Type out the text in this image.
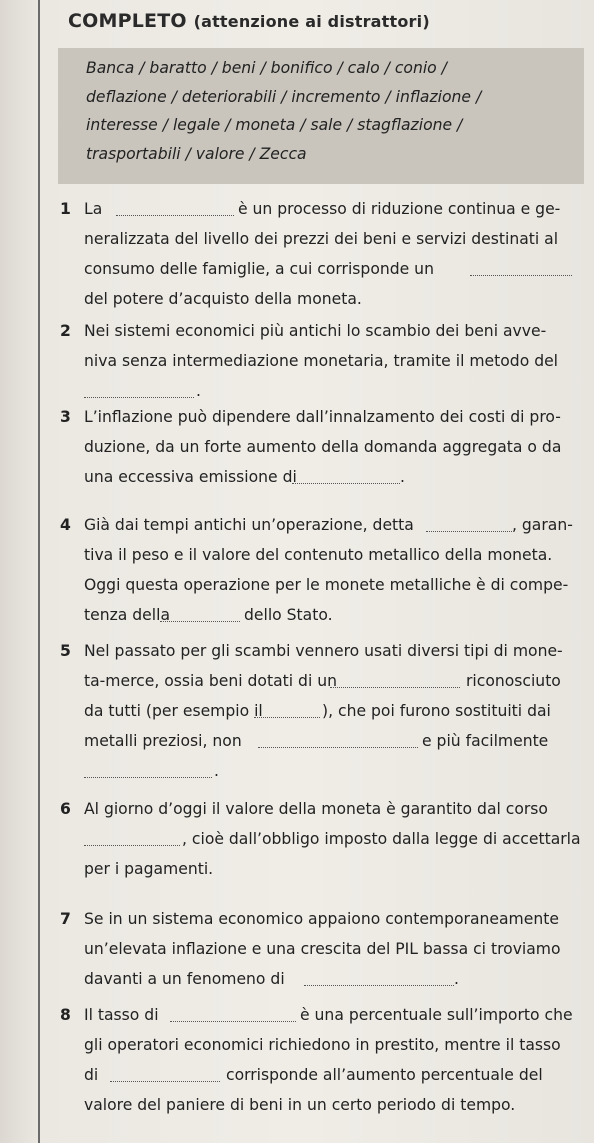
COMPLETO (attenzione ai distrattori)
Banca / baratto / beni / bonifico / calo / conio /
deflazione / deteriorabili / incremento / inflazione /
interesse / legale / moneta / sale / stagflazione /
trasportabili / valore / Zecca
1 La	è un processo di riduzione continua e ge-
neralizzata del livello dei prezzi dei beni e servizi destinati al
consumo delle famiglie, a cui corrisponde un
del potere d’acquisto della moneta.
2 Nei sistemi economici più antichi lo scambio dei beni avve-
niva senza intermediazione monetaria, tramite il metodo del
.
3 L’inflazione può dipendere dall’innalzamento dei costi di pro-
duzione, da un forte aumento della domanda aggregata o da
una eccessiva emissione di	.
4 Già dai tempi antichi un’operazione, detta	, garan-
tiva il peso e il valore del contenuto metallico della moneta.
Oggi questa operazione per le monete metalliche è di compe-
tenza della	dello Stato.
5 Nel passato per gli scambi vennero usati diversi tipi di mone-
ta-merce, ossia beni dotati di un	riconosciuto
da tutti (per esempio il	), che poi furono sostituiti dai
metalli preziosi, non	e più facilmente
.
6 Al giorno d’oggi il valore della moneta è garantito dal corso
, cioè dall’obbligo imposto dalla legge di accettarla
per i pagamenti.
7 Se in un sistema economico appaiono contemporaneamente
un’elevata inflazione e una crescita del PIL bassa ci troviamo
davanti a un fenomeno di	.
8 Il tasso di	è una percentuale sull’importo che
gli operatori economici richiedono in prestito, mentre il tasso
di	corrisponde all’aumento percentuale del
valore del paniere di beni in un certo periodo di tempo.
